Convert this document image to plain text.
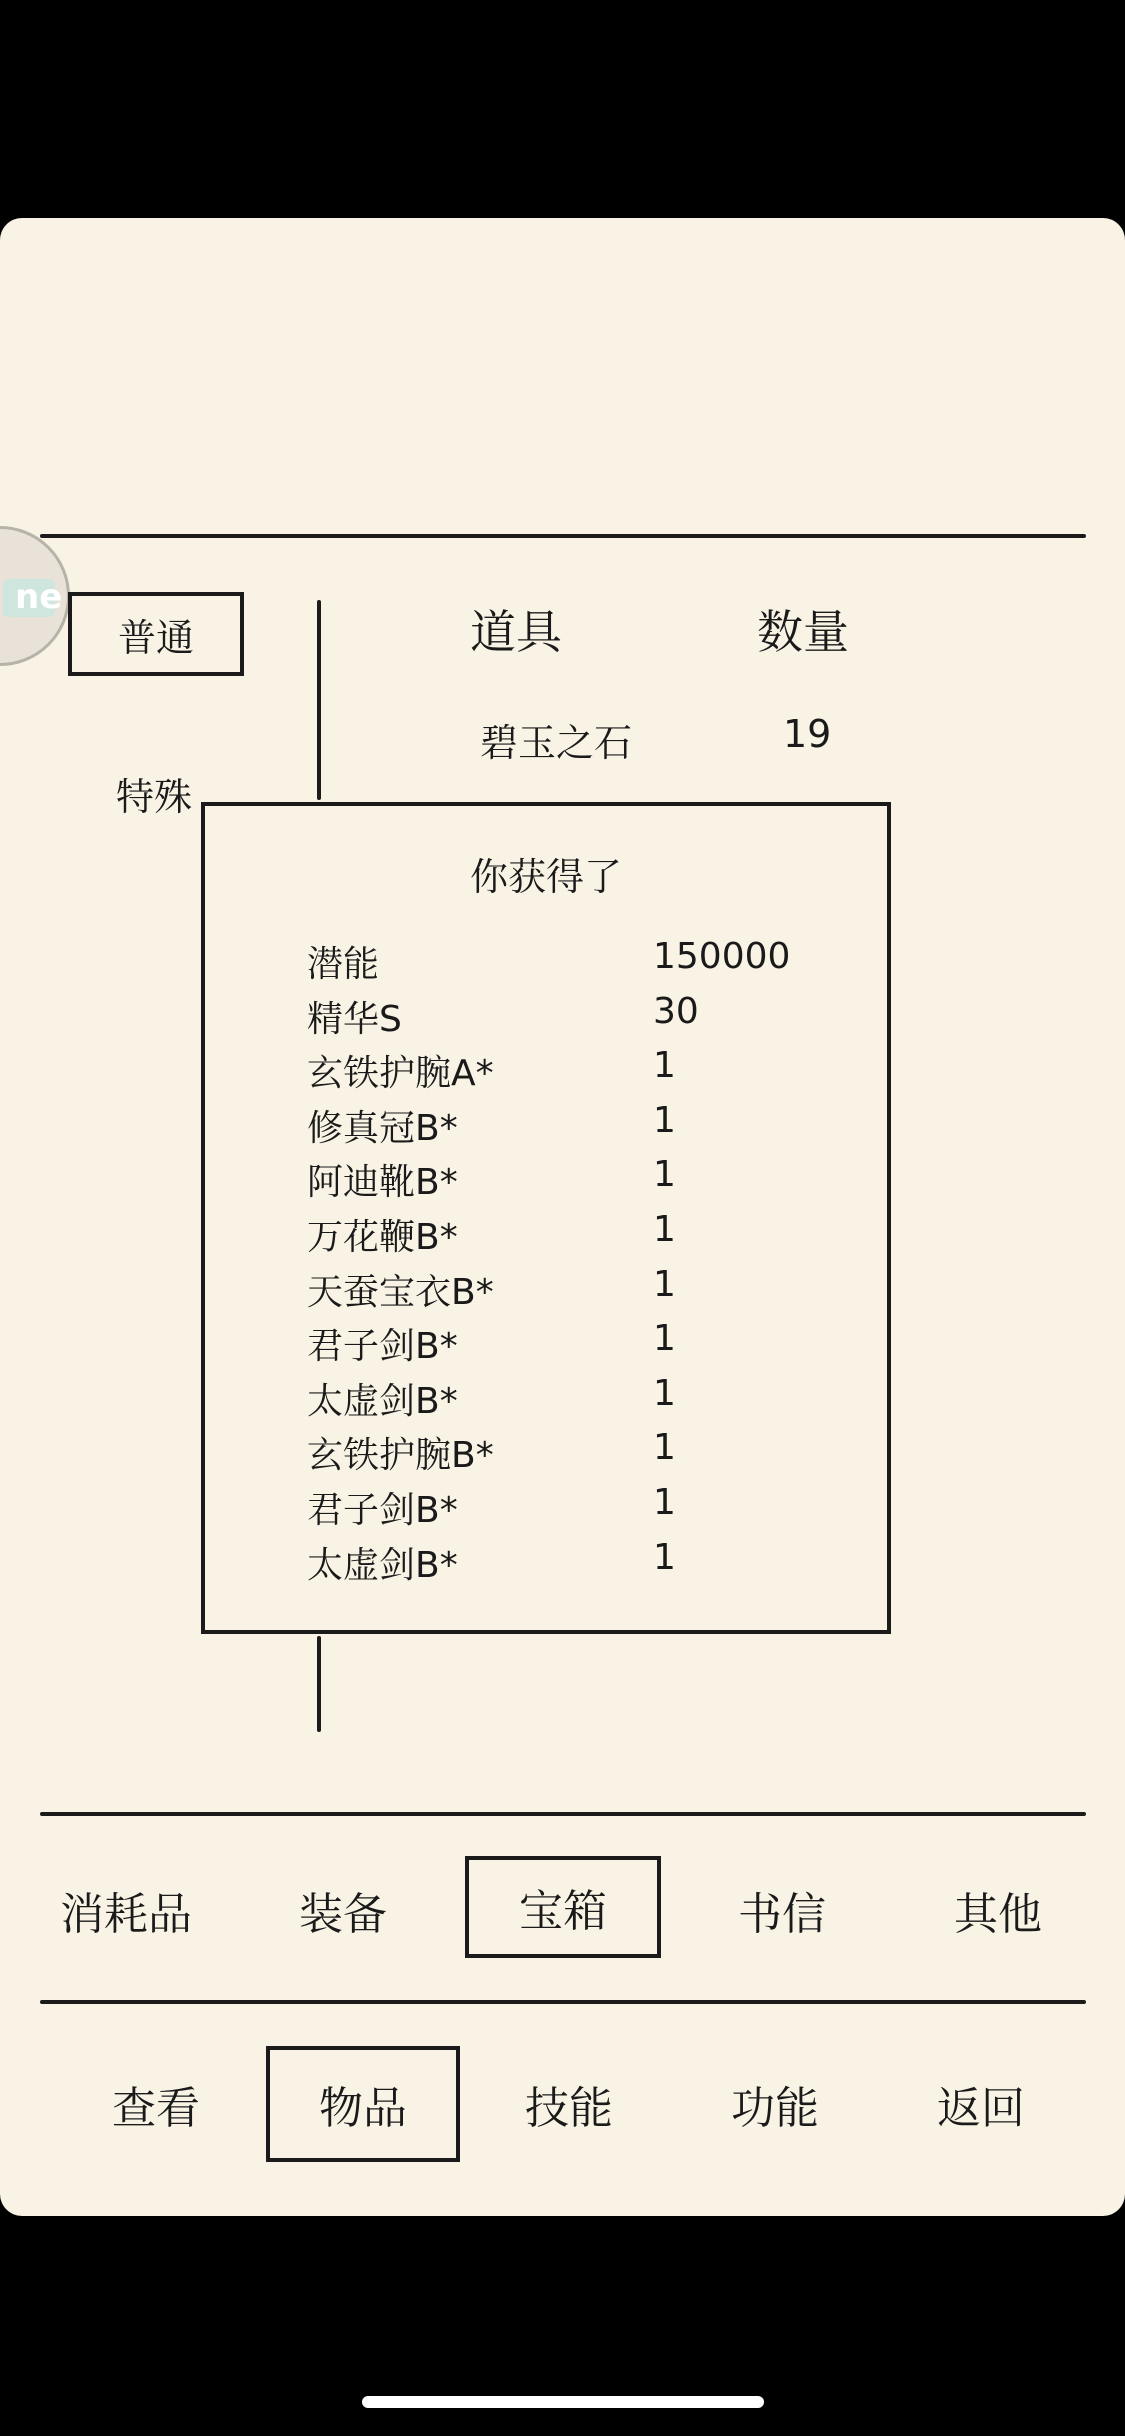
ne
普通
特殊
道具	数量
碧玉之石	19
你获得了
潜能	150000
精华S	30
玄铁护腕A*	1
修真冠B*	1
阿迪靴B*	1
万花鞭B*	1
天蚕宝衣B*	1
君子剑B*	1
太虚剑B*	1
玄铁护腕B*	1
君子剑B*	1
太虚剑B*	1
消耗品	装备	宝箱	书信	其他
查看	物品	技能	功能	返回
